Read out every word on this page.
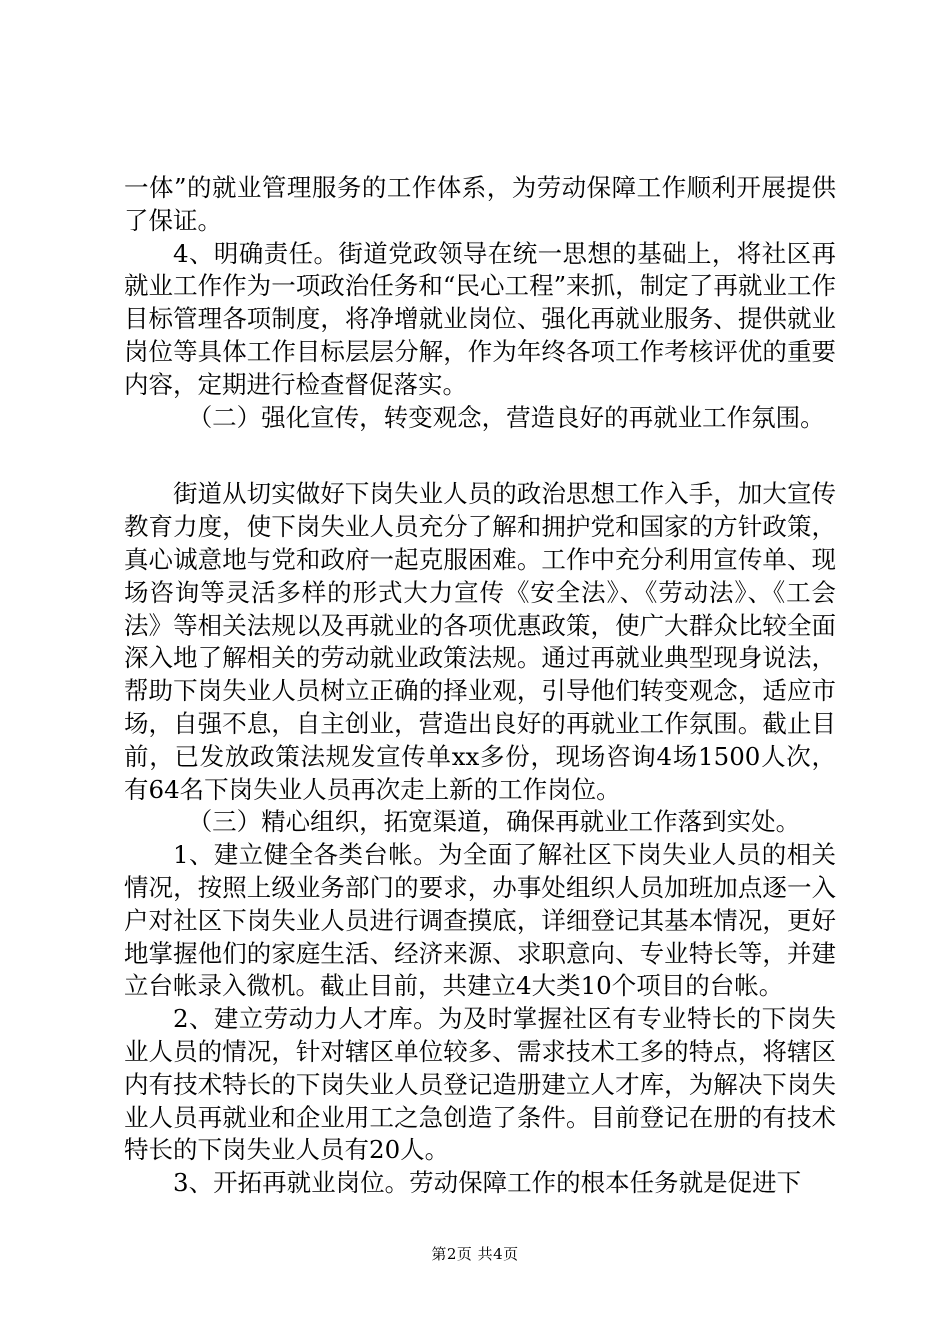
一体”的就业管理服务的工作体系，为劳动保障工作顺利开展提供了保证。

4、明确责任。街道党政领导在统一思想的基础上，将社区再就业工作作为一项政治任务和“民心工程”来抓，制定了再就业工作目标管理各项制度，将净增就业岗位、强化再就业服务、提供就业岗位等具体工作目标层层分解，作为年终各项工作考核评优的重要内容，定期进行检查督促落实。

（二）强化宣传，转变观念，营造良好的再就业工作氛围。

街道从切实做好下岗失业人员的政治思想工作入手，加大宣传教育力度，使下岗失业人员充分了解和拥护党和国家的方针政策，真心诚意地与党和政府一起克服困难。工作中充分利用宣传单、现场咨询等灵活多样的形式大力宣传《安全法》、《劳动法》、《工会法》等相关法规以及再就业的各项优惠政策，使广大群众比较全面深入地了解相关的劳动就业政策法规。通过再就业典型现身说法，帮助下岗失业人员树立正确的择业观，引导他们转变观念，适应市场，自强不息，自主创业，营造出良好的再就业工作氛围。截止目前，已发放政策法规发宣传单xx多份，现场咨询4场1500人次，有64名下岗失业人员再次走上新的工作岗位。

（三）精心组织，拓宽渠道，确保再就业工作落到实处。

1、建立健全各类台帐。为全面了解社区下岗失业人员的相关情况，按照上级业务部门的要求，办事处组织人员加班加点逐一入户对社区下岗失业人员进行调查摸底，详细登记其基本情况，更好地掌握他们的家庭生活、经济来源、求职意向、专业特长等，并建立台帐录入微机。截止目前，共建立4大类10个项目的台帐。

2、建立劳动力人才库。为及时掌握社区有专业特长的下岗失业人员的情况，针对辖区单位较多、需求技术工多的特点，将辖区内有技术特长的下岗失业人员登记造册建立人才库，为解决下岗失业人员再就业和企业用工之急创造了条件。目前登记在册的有技术特长的下岗失业人员有20人。

3、开拓再就业岗位。劳动保障工作的根本任务就是促进下

第2页 共4页
